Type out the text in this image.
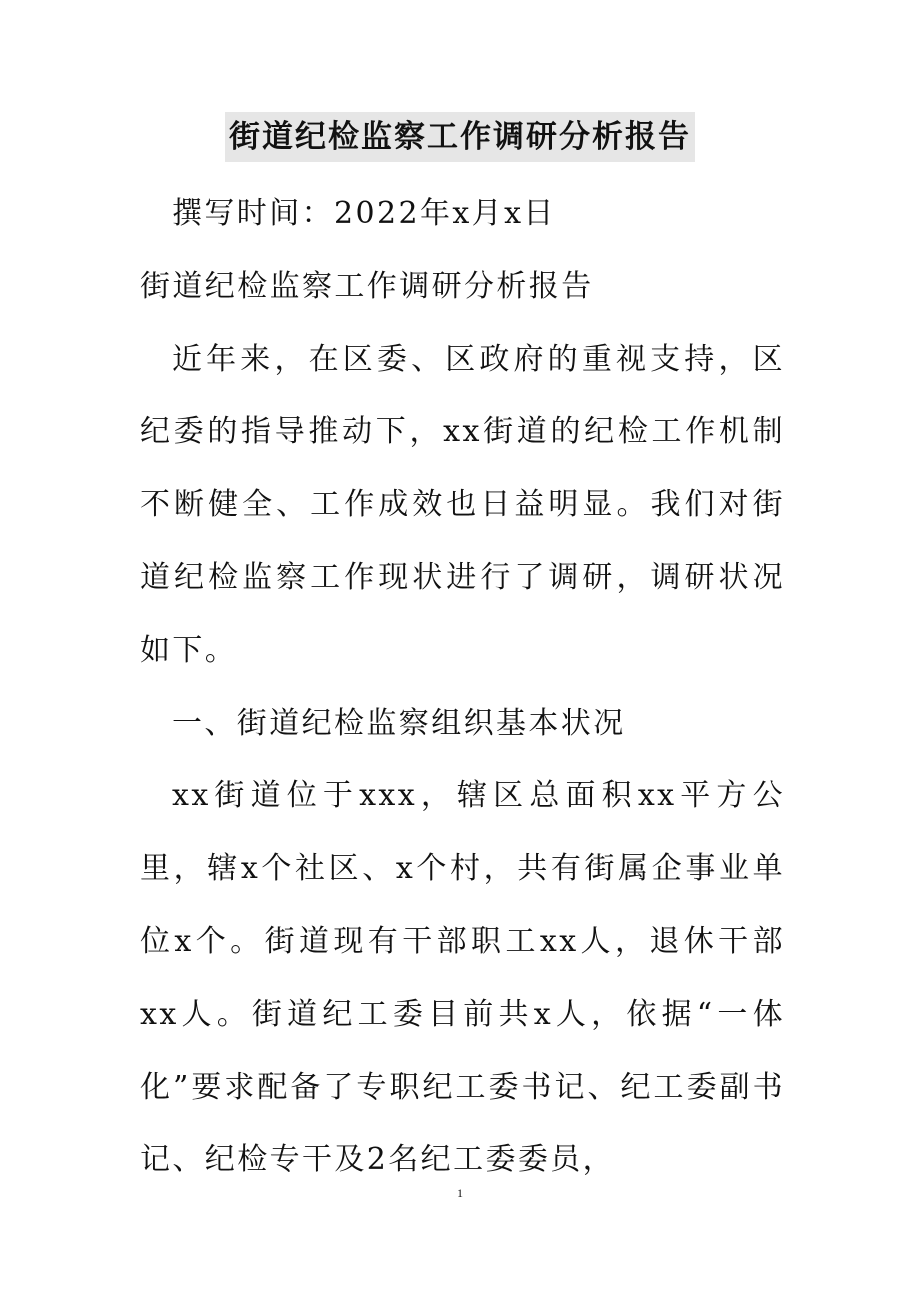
街道纪检监察工作调研分析报告

撰写时间：2022年x月x日

街道纪检监察工作调研分析报告

近年来，在区委、区政府的重视支持，区纪委的指导推动下，xx街道的纪检工作机制不断健全、工作成效也日益明显。我们对街道纪检监察工作现状进行了调研，调研状况如下。

一、街道纪检监察组织基本状况

xx街道位于xxx，辖区总面积xx平方公里，辖x个社区、x个村，共有街属企事业单位x个。街道现有干部职工xx人，退休干部xx人。街道纪工委目前共x人，依据“一体化”要求配备了专职纪工委书记、纪工委副书记、纪检专干及2名纪工委委员，

1
